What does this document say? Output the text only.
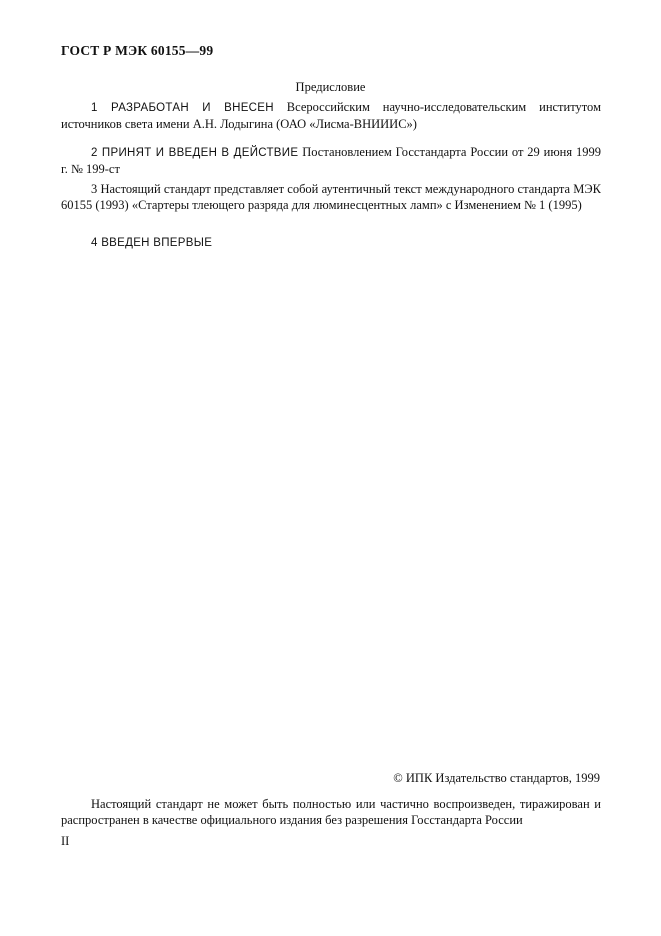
ГОСТ Р МЭК 60155—99
Предисловие
1 РАЗРАБОТАН И ВНЕСЕН Всероссийским научно-исследовательским институтом источников света имени А.Н. Лодыгина (ОАО «Лисма-ВНИИИС»)
2 ПРИНЯТ И ВВЕДЕН В ДЕЙСТВИЕ Постановлением Госстандарта России от 29 июня 1999 г. № 199-ст
3 Настоящий стандарт представляет собой аутентичный текст международного стандарта МЭК 60155 (1993) «Стартеры тлеющего разряда для люминесцентных ламп» с Изменением № 1 (1995)
4 ВВЕДЕН ВПЕРВЫЕ
© ИПК Издательство стандартов, 1999
Настоящий стандарт не может быть полностью или частично воспроизведен, тиражирован и распространен в качестве официального издания без разрешения Госстандарта России
II
